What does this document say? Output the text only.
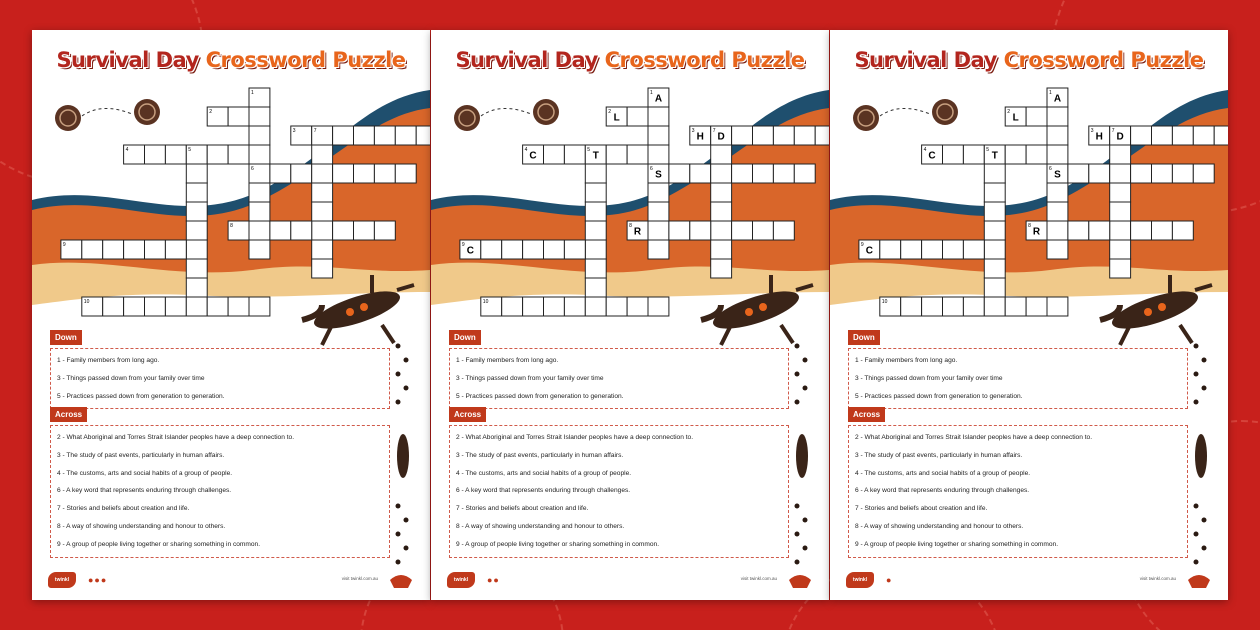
Survival Day Crossword Puzzle
1
2
3
4	5
6
7
8
9
10
Down
1 - Family members from long ago.
3 - Things passed down from your family over time
5 - Practices passed down from generation to generation.
Across
2 - What Aboriginal and Torres Strait Islander peoples have a deep connection to.
3 - The study of past events, particularly in human affairs.
4 - The customs, arts and social habits of a group of people.
6 - A key word that represents enduring through challenges.
7 - Stories and beliefs about creation and life.
8 - A way of showing understanding and honour to others.
9 - A group of people living together or sharing something in common.
twinkl	●●●	visit twinkl.com.au
Survival Day Crossword Puzzle
1
A
2
L
3
H
4
C
5
T
6
S
7
D
8
R
9
C
10
Down
1 - Family members from long ago.
3 - Things passed down from your family over time
5 - Practices passed down from generation to generation.
Across
2 - What Aboriginal and Torres Strait Islander peoples have a deep connection to.
3 - The study of past events, particularly in human affairs.
4 - The customs, arts and social habits of a group of people.
6 - A key word that represents enduring through challenges.
7 - Stories and beliefs about creation and life.
8 - A way of showing understanding and honour to others.
9 - A group of people living together or sharing something in common.
twinkl	●●	visit twinkl.com.au
Survival Day Crossword Puzzle
1
A
2
L
3
H
4
C
5
T
6
S
7
D
8
R
9
C
10
Down
1 - Family members from long ago.
3 - Things passed down from your family over time
5 - Practices passed down from generation to generation.
Across
2 - What Aboriginal and Torres Strait Islander peoples have a deep connection to.
3 - The study of past events, particularly in human affairs.
4 - The customs, arts and social habits of a group of people.
6 - A key word that represents enduring through challenges.
7 - Stories and beliefs about creation and life.
8 - A way of showing understanding and honour to others.
9 - A group of people living together or sharing something in common.
twinkl	●	visit twinkl.com.au
